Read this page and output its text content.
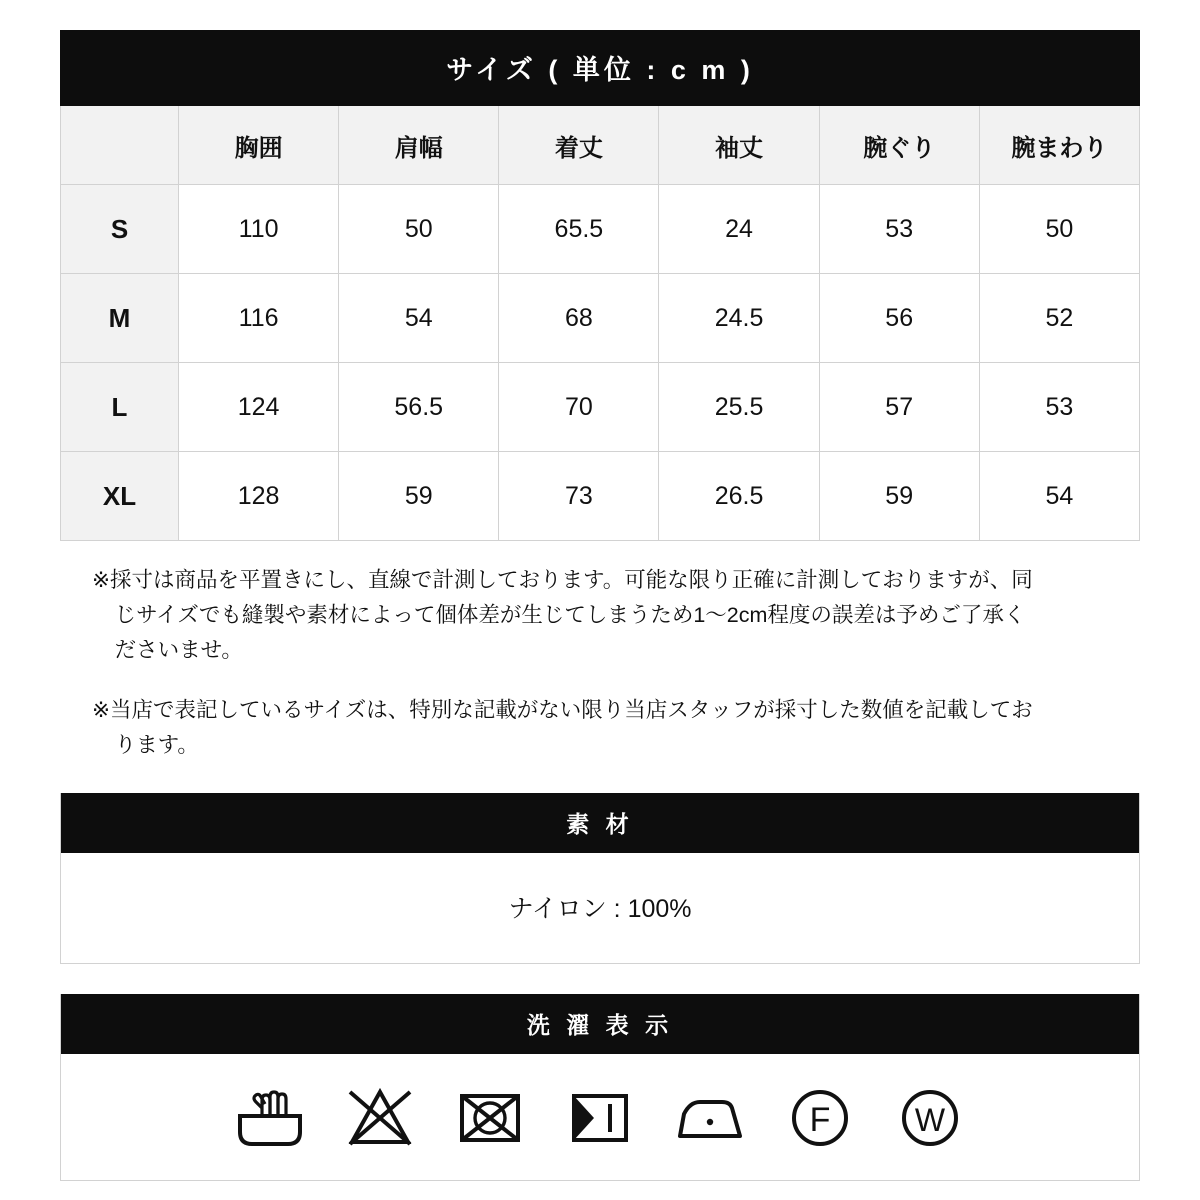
サイズ ( 単位 : c m )						
	胸囲	肩幅	着丈	袖丈	腕ぐり	腕まわり
S	110	50	65.5	24	53	50
M	116	54	68	24.5	56	52
L	124	56.5	70	25.5	57	53
XL	128	59	73	26.5	59	54

※採寸は商品を平置きにし、直線で計測しております。可能な限り正確に計測しておりますが、同じサイズでも縫製や素材によって個体差が生じてしまうため1〜2cm程度の誤差は予めご了承くださいませ。

※当店で表記しているサイズは、特別な記載がない限り当店スタッフが採寸した数値を記載しております。

素 材
ナイロン : 100%
洗 濯 表 示
F	W
